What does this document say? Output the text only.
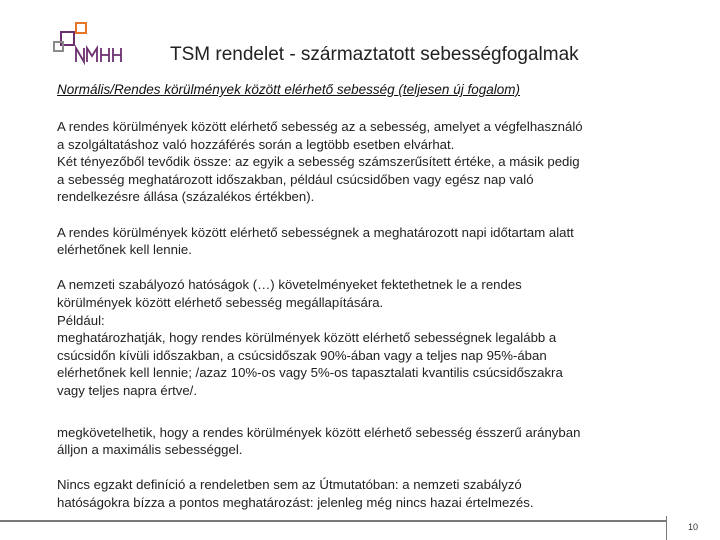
TSM rendelet - származtatott sebességfogalmak
Normális/Rendes körülmények között elérhető sebesség (teljesen új fogalom)
A rendes körülmények között elérhető sebesség az a sebesség, amelyet a végfelhasználó
a szolgáltatáshoz való hozzáférés során a legtöbb esetben elvárhat.
Két tényezőből tevődik össze: az egyik a sebesség számszerűsített értéke, a másik pedig
a sebesség meghatározott időszakban, például csúcsidőben vagy egész nap való
rendelkezésre állása (százalékos értékben).
A rendes körülmények között elérhető sebességnek a meghatározott napi időtartam alatt
elérhetőnek kell lennie.
A nemzeti szabályozó hatóságok (…) követelményeket fektethetnek le a rendes
körülmények között elérhető sebesség megállapítására.
Például:
meghatározhatják, hogy rendes körülmények között elérhető sebességnek legalább a
csúcsidőn kívüli időszakban, a csúcsidőszak 90%-ában vagy a teljes nap 95%-ában
elérhetőnek kell lennie; /azaz 10%-os vagy 5%-os tapasztalati kvantilis csúcsidőszakra
vagy teljes napra értve/.
megkövetelhetik, hogy a rendes körülmények között elérhető sebesség ésszerű arányban
álljon a maximális sebességgel.
Nincs egzakt definíció a rendeletben sem az Útmutatóban: a nemzeti szabályzó
hatóságokra bízza a pontos meghatározást: jelenleg még nincs hazai értelmezés.
10
